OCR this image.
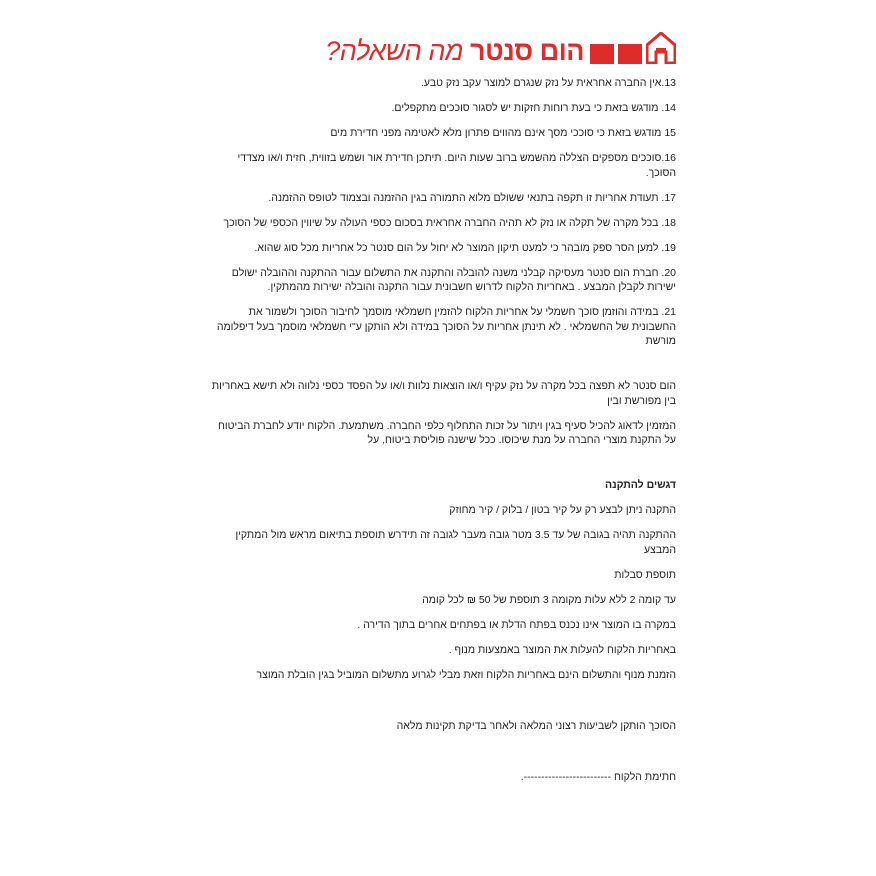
הום סנטר מה השאלה?

13.אין החברה אחראית על נזק שנגרם למוצר עקב נזק טבע.

14. מודגש בזאת כי בעת רוחות חזקות יש לסגור סוככים מתקפלים.

15 מודגש בזאת כי סוככי מסך אינם מהווים פתרון מלא לאטימה מפני חדירת מים

16.סוככים מספקים הצללה מהשמש ברוב שעות היום. תיתכן חדירת אור ושמש בזווית, חזית ו/או מצדדי הסוכך.

17. תעודת אחריות זו תקפה בתנאי ששולם מלוא התמורה בגין ההזמנה ובצמוד לטופס ההזמנה.

18. בכל מקרה של תקלה או נזק לא תהיה החברה אחראית בסכום כספי העולה על שיווין הכספי של הסוכך

19. למען הסר ספק מובהר כי למעט תיקון המוצר לא יחול על הום סנטר כל אחריות מכל סוג שהוא.

20. חברת הום סנטר מעסיקה קבלני משנה להובלה והתקנה את התשלום עבור ההתקנה וההובלה ישולם ישירות לקבלן המבצע . באחריות הלקוח לדרוש חשבונית עבור התקנה והובלה ישירות מהמתקין.

21. במידה והוזמן סוכך חשמלי על אחריות הלקוח להזמין חשמלאי מוסמך לחיבור הסוכך ולשמור את החשבונית של החשמלאי . לא תינתן אחריות על הסוכך במידה ולא הותקן ע"י חשמלאי מוסמך בעל דיפלומה מורשת

הום סנטר לא תפצה בכל מקרה על נזק עקיף ו/או הוצאות נלוות ו/או על הפסד כספי נלווה ולא תישא באחריות בין מפורשת ובין

המזמין לדאוג להכיל סעיף בגין ויתור על זכות התחלוף כלפי החברה. משתמעת. הלקוח יודע לחברת הביטוח על התקנת מוצרי החברה על מנת שיכוסו. ככל שישנה פוליסת ביטוח, על

דגשים להתקנה

התקנה ניתן לבצע רק על קיר בטון / בלוק / קיר מחוזק

ההתקנה תהיה בגובה של עד 3.5 מטר גובה מעבר לגובה זה תידרש תוספת בתיאום מראש מול המתקין המבצע

תוספת סבלות

עד קומה 2 ללא עלות מקומה 3 תוספת של 50 ₪ לכל קומה

במקרה בו המוצר אינו נכנס בפתח הדלת או בפתחים אחרים בתוך הדירה .

באחריות הלקוח להעלות את המוצר באמצעות מנוף .

הזמנת מנוף והתשלום הינם באחריות הלקוח וזאת מבלי לגרוע מתשלום המוביל בגין הובלת המוצר

הסוכך הותקן לשביעות רצוני המלאה ולאחר בדיקת תקינות מלאה

חתימת הלקוח -------------------------.
